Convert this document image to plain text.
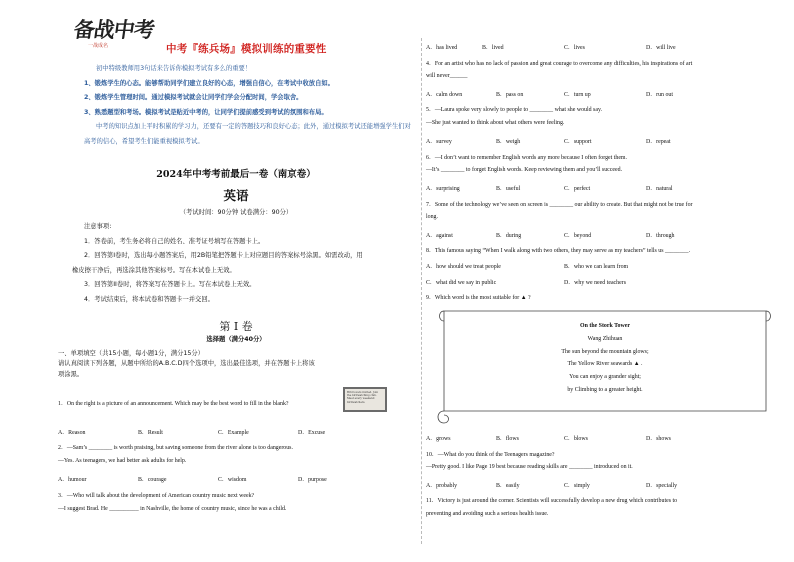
备战中考
一战成名	中考『练兵场』模拟训练的重要性

初中特级教师用3句话来告诉你模拟考试有多么的重要！

1、锻炼学生的心态。能够帮助同学们建立良好的心态，增强自信心，在考试中收放自如。

2、锻炼学生管理时间。通过模拟考试就会让同学们学会分配时间，学会取舍。

3、熟悉题型和考场。模拟考试是贴近中考的，让同学们提前感受到考试的氛围和布局。

中考的知识点加上平时积累的学习力，还要有一定的答题技巧和良好心态；此外，通过模拟考试还能增强学生们对高考的信心，希望考生们能重视模拟考试。

2024年中考考前最后一卷（南京卷）
英语
（考试时间：90分钟 试卷满分：90分）

注意事项:

1．答卷前，考生务必将自己的姓名、准考证号填写在答题卡上。

2．回答第I卷时，选出每小题答案后，用2B铅笔把答题卡上对应题目的答案标号涂黑。如需改动，用

橡皮擦干净后，再选涂其他答案标号。写在本试卷上无效。

3．回答第II卷时，将答案写在答题卡上。写在本试卷上无效。

4．考试结束后，将本试卷和答题卡一并交回。

第 Ⅰ 卷
选择题（满分40分）
一、单项填空（共15小题，每小题1分，满分15分）
请认真阅读下列各题，从题中所给的A.B.C.D四个选项中，选出最佳选项，并在答题卡上将该
项涂黑。
Bird lovers invited. Join the birdwatching club. Meet every weekend birdwatchers.
1．On the right is a picture of an announcement. Which may be the best word to fill in the blank?
A．Reason	B．Result	C．Example	D．Excuse
2．—Sam’s ________ is worth praising, but saving someone from the river alone is too dangerous.
—Yes. As teenagers, we had better ask adults for help.
A．humour	B．courage	C．wisdom	D．purpose
3．—Who will talk about the development of American country music next week?
—I suggest Brad. He __________ in Nashville, the home of country music, since he was a child.
A．has lived	B．lived	C．lives	D．will live
4．For an artist who has no lack of passion and great courage to overcome any difficulties, his inspirations of art
will never______
A．calm down	B．pass on	C．turn up	D．run out
5．—Laura spoke very slowly to people to ________ what she would say.
—She just wanted to think about what others were feeling.
A．survey	B．weigh	C．support	D．repeat
6．—I don’t want to remember English words any more because I often forget them.
—It’s ________ to forget English words. Keep reviewing them and you’ll succeed.
A．surprising	B．useful	C．perfect	D．natural
7．Some of the technology we’ve seen on screen is ________ our ability to create. But that might not be true for
long.
A．against	B．during	C．beyond	D．through
8．This famous saying “When I walk along with two others, they may serve as my teachers” tells us ________.
A．how should we treat people	B．who we can learn from
C．what did we say in public	D．why we need teachers
9．Which word is the most suitable for ▲ ?
On the Stork Tower
Wang Zhihuan
The sun beyond the mountain glows;
The Yellow River seawards ▲ .
You can enjoy a grander sight;
by Climbing to a greater height.
A．grows	B．flows	C．blows	D．shows
10．—What do you think of the Teenagers magazine?
—Pretty good. I like Page 19 best because reading skills are ________ introduced on it.
A．probably	B．easily	C．simply	D．specially
11．Victory is just around the corner. Scientists will successfully develop a new drug which contributes to
preventing and avoiding such a serious health issue.
